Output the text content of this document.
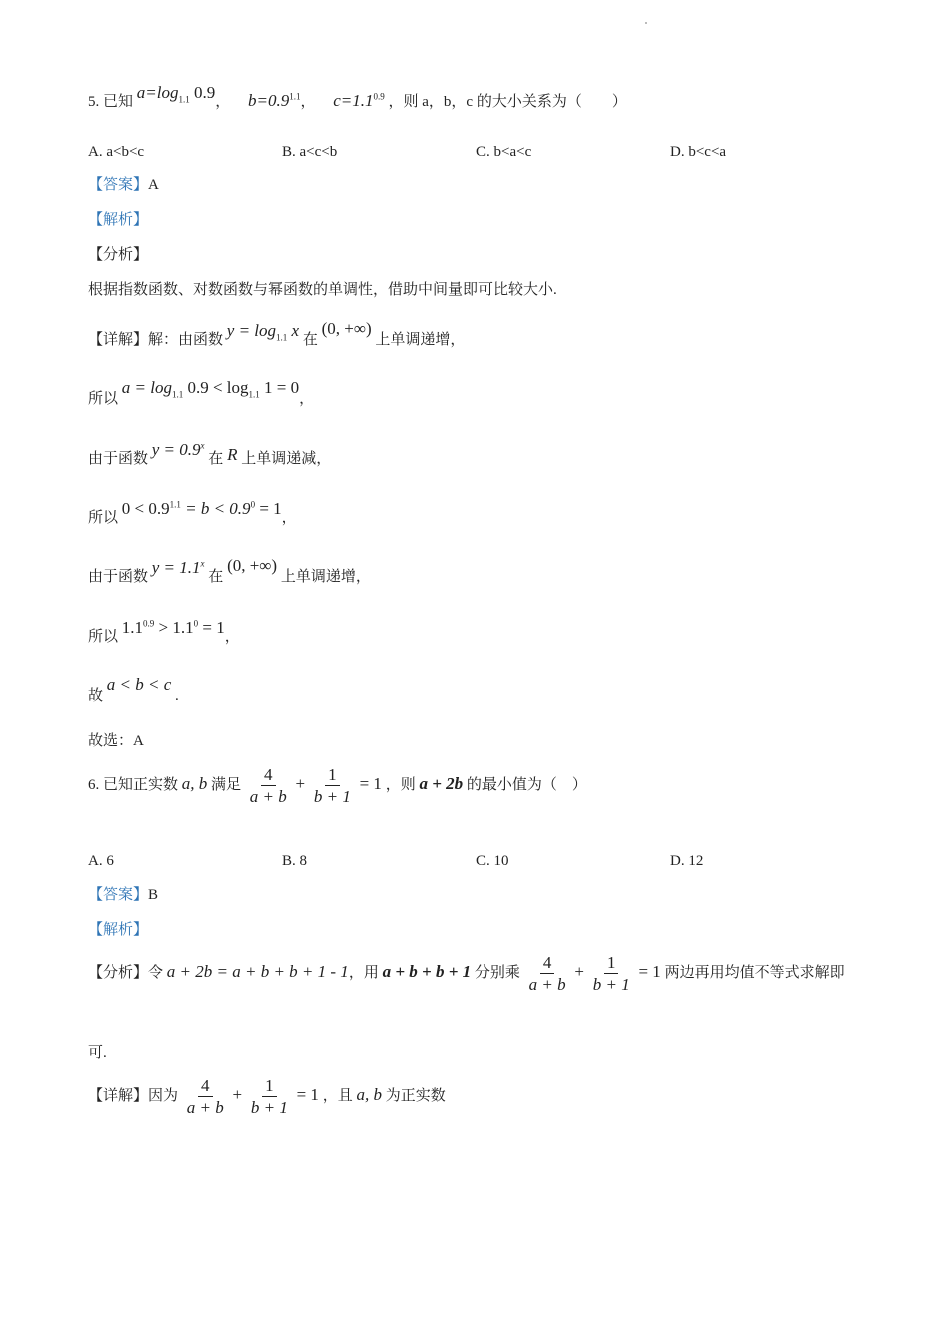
5. 已知 $a=\log_{1.1}$ 0.9， $b=0.9^{1.1}$， $c=1.1^{0.9}$ ，则 a，b，c 的大小关系为（　　）
A. a<b<c	B. a<c<b	C. b<a<c	D. b<c<a
【答案】A
【解析】
【分析】
根据指数函数、对数函数与幂函数的单调性，借助中间量即可比较大小.
【详解】解：由函数 $y = \log_{1.1} x$ 在 (0, +∞) 上单调递增，
所以 $a = \log_{1.1} 0.9 < \log_{1.1} 1 = 0$，
由于函数 $y = 0.9^x$ 在 R 上单调递减，
所以 $0 < 0.9^{1.1} = b < 0.9^0 = 1$，
由于函数 $y = 1.1^x$ 在 (0, +∞) 上单调递增，
所以 $1.1^{0.9} > 1.1^0 = 1$，
故 a < b < c .
故选：A
6. 已知正实数 a, b 满足 $\frac{4}{a + b} + \frac{1}{b + 1} = 1$ ，则 a + 2b 的最小值为（　）
A. 6	B. 8	C. 10	D. 12
【答案】B
【解析】
【分析】令 a + 2b = a + b + b + 1 - 1，用 a + b + b + 1 分别乘 $\frac{4}{a + b} + \frac{1}{b + 1} = 1$ 两边再用均值不等式求解即
可.
【详解】因为 $\frac{4}{a + b} + \frac{1}{b + 1} = 1$ ，且 a, b 为正实数
